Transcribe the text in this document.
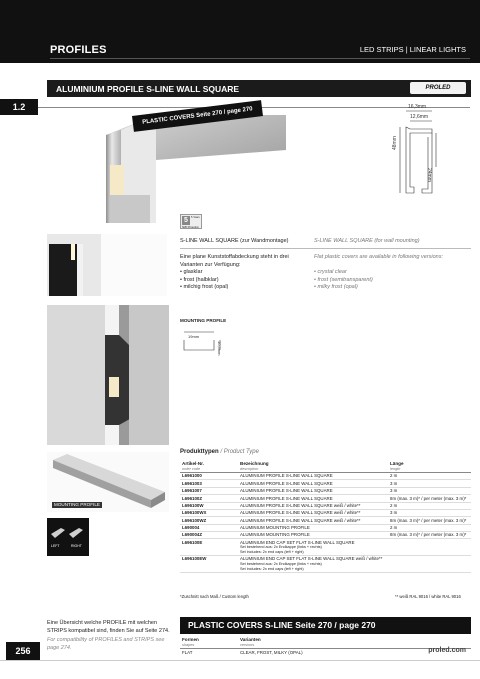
PROFILES	LED STRIPS | LINEAR LIGHTS
ALUMINIUM PROFILE S-LINE WALL SQUARE	PROLED
1.2	PLASTIC COVERS Seite 270 / page 270	16,3mm
12,6mm
48mm
24mm
5	5 Years
SMD Protection
S-LINE WALL SQUARE (zur Wandmontage)	S-LINE WALL SQUARE (for wall mounting)
Eine plane Kunststoffabdeckung steht in drei Varianten zur Verfügung:
• glasklar
• frost (halbklar)
• milchig frost (opal)
Flat plastic covers are available in following versions:
• crystal clear
• frost (semitransparent)
• milky frost (opal)
MOUNTING PROFILE
19mm
10,3mm
MOUNTING PROFILE
LEFT	RIGHT
Produkttypen / Product Type
Artikel-Nr.
order code	Bezeichnung
description	Länge
length
L6961000	ALUMINIUM PROFILE S-LINE WALL SQUARE	2 m
L6961003	ALUMINIUM PROFILE S-LINE WALL SQUARE	3 m
L6961007	ALUMINIUM PROFILE S-LINE WALL SQUARE	3 m
L696100Z	ALUMINIUM PROFILE S-LINE WALL SQUARE	8m (max. 3 m)* / per meter (max. 3 m)*
L696100W	ALUMINIUM PROFILE S-LINE WALL SQUARE weiß / white**	2 m
L696100WX	ALUMINIUM PROFILE S-LINE WALL SQUARE weiß / white**	3 m
L696100WZ	ALUMINIUM PROFILE S-LINE WALL SQUARE weiß / white**	8m (max. 3 m)* / per meter (max. 3 m)*
L690004	ALUMINIUM MOUNTING PROFILE	2 m
L690004Z	ALUMINIUM MOUNTING PROFILE	8m (max. 3 m)* / per meter (max. 3 m)*
L696100E	ALUMINIUM END CAP SET FLAT S-LINE WALL SQUARE
Set bestehend aus: 2x Endkappe (links + rechts)
Set includes: 2x end caps (left + right)	

L696100EW	ALUMINIUM END CAP SET FLAT S-LINE WALL SQUARE weiß / white**
Set bestehend aus: 2x Endkappe (links + rechts)
Set includes: 2x end caps (left + right)	

*Zuschnitt nach Maß / Custom length	** weiß RAL 9016 / white RAL 9016
Eine Übersicht welche PROFILE mit welchen STRIPS kompatibel sind, finden Sie auf Seite 274.
For compatibility of PROFILES and STRIPS see page 274.
PLASTIC COVERS S-LINE Seite 270 / page 270
Formen
shapes	Varianten
versions
FLAT	CLEAR, FROST, MILKY (OPAL)
256	proled.com
